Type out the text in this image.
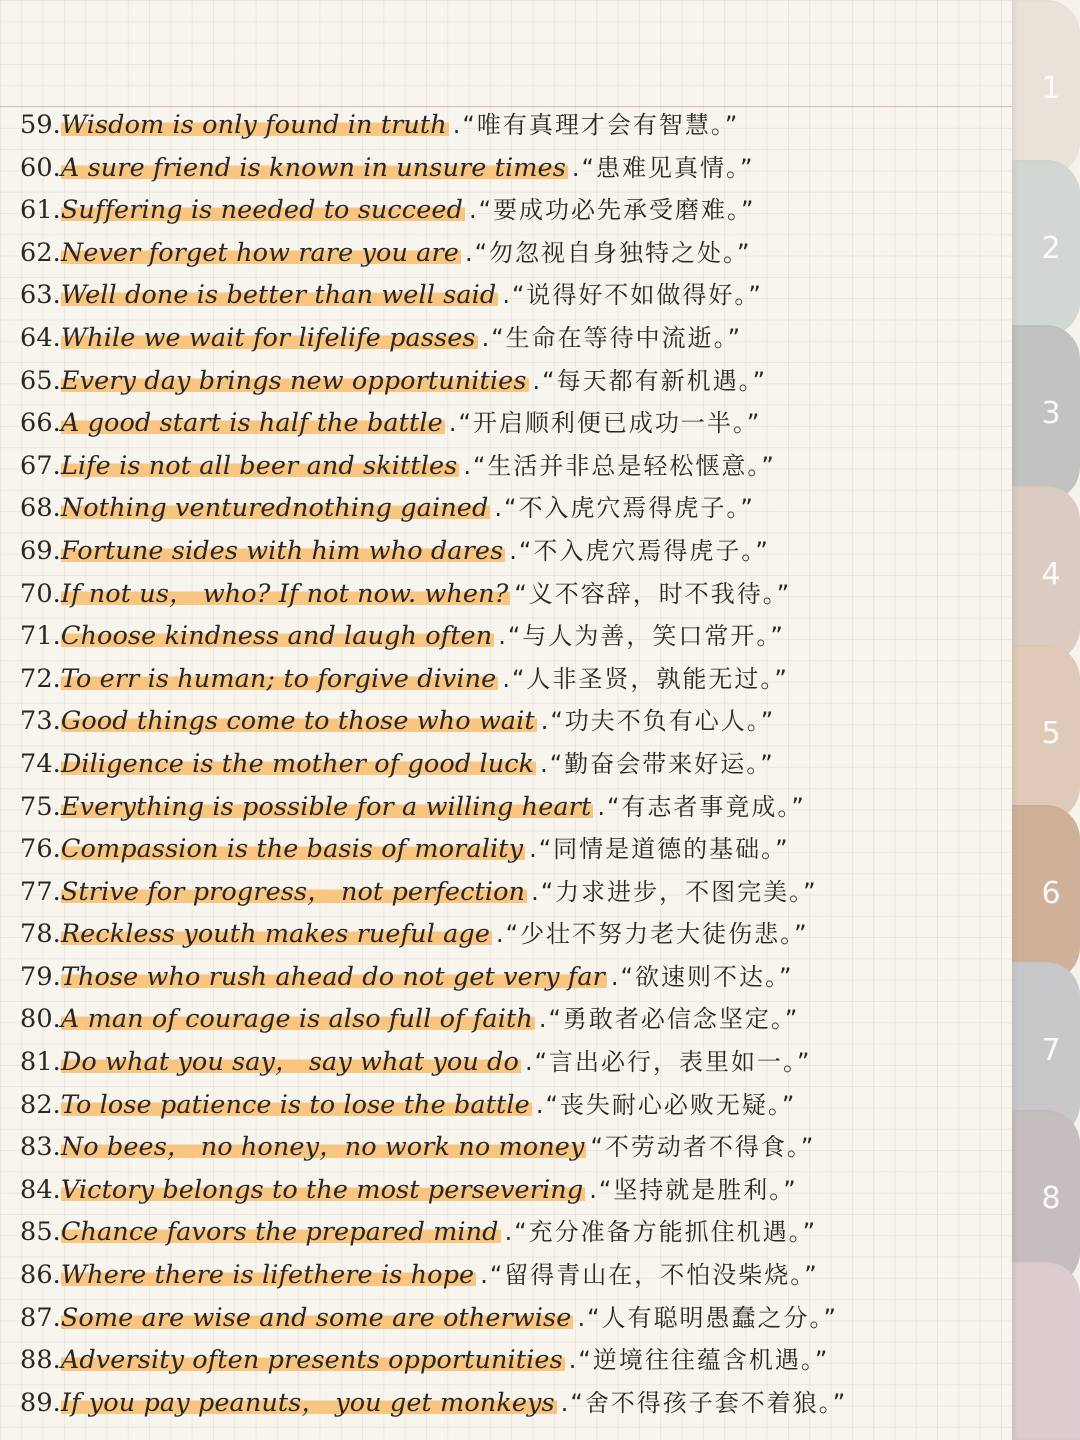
59.Wisdom is only found in truth .“唯有真理才会有智慧。”
60.A sure friend is known in unsure times .“患难见真情。”
61.Suffering is needed to succeed .“要成功必先承受磨难。”
62.Never forget how rare you are .“勿忽视自身独特之处。”
63.Well done is better than well said .“说得好不如做得好。”
64.While we wait for lifelife passes .“生命在等待中流逝。”
65.Every day brings new opportunities .“每天都有新机遇。”
66.A good start is half the battle .“开启顺利便已成功一半。”
67.Life is not all beer and skittles .“生活并非总是轻松惬意。”
68.Nothing venturednothing gained .“不入虎穴焉得虎子。”
69.Fortune sides with him who dares .“不入虎穴焉得虎子。”
70.If not us， who? If not now. when? “义不容辞，时不我待。”
71.Choose kindness and laugh often .“与人为善，笑口常开。”
72.To err is human; to forgive divine .“人非圣贤，孰能无过。”
73.Good things come to those who wait .“功夫不负有心人。”
74.Diligence is the mother of good luck .“勤奋会带来好运。”
75.Everything is possible for a willing heart .“有志者事竟成。”
76.Compassion is the basis of morality .“同情是道德的基础。”
77.Strive for progress， not perfection .“力求进步，不图完美。”
78.Reckless youth makes rueful age .“少壮不努力老大徒伤悲。”
79.Those who rush ahead do not get very far .“欲速则不达。”
80.A man of courage is also full of faith .“勇敢者必信念坚定。”
81.Do what you say， say what you do .“言出必行，表里如一。”
82.To lose patience is to lose the battle .“丧失耐心必败无疑。”
83.No bees， no honey，no work no money “不劳动者不得食。”
84.Victory belongs to the most persevering .“坚持就是胜利。”
85.Chance favors the prepared mind .“充分准备方能抓住机遇。”
86.Where there is lifethere is hope .“留得青山在，不怕没柴烧。”
87.Some are wise and some are otherwise .“人有聪明愚蠢之分。”
88.Adversity often presents opportunities .“逆境往往蕴含机遇。”
89.If you pay peanuts， you get monkeys .“舍不得孩子套不着狼。”
1
2
3
4
5
6
7
8
